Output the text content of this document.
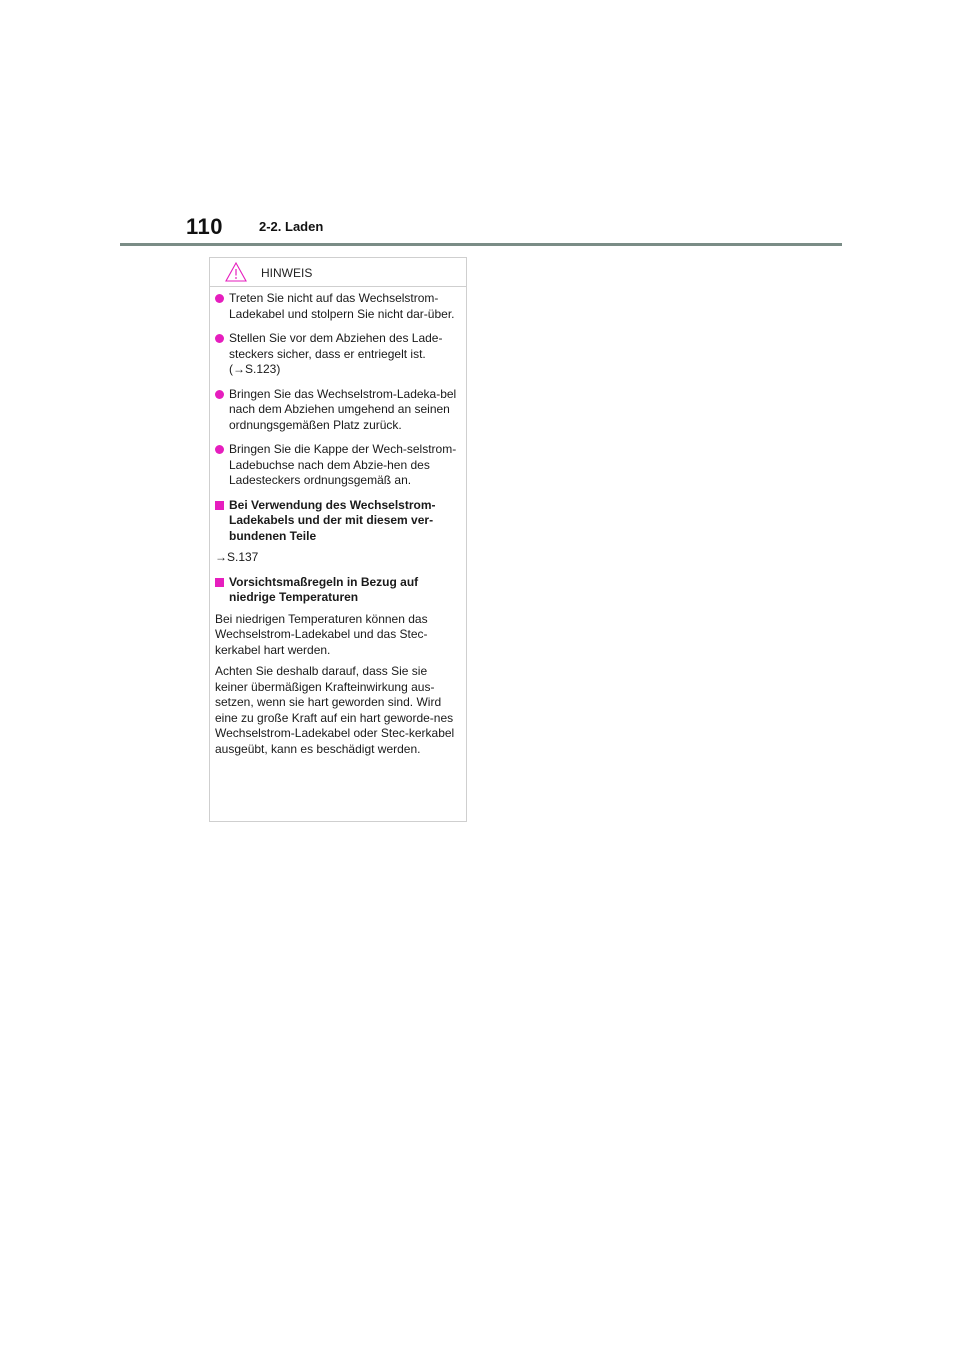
110	2-2. Laden
HINWEIS
Treten Sie nicht auf das Wechselstrom-Ladekabel und stolpern Sie nicht dar-über.
Stellen Sie vor dem Abziehen des Lade-steckers sicher, dass er entriegelt ist. (→S.123)
Bringen Sie das Wechselstrom-Ladeka-bel nach dem Abziehen umgehend an seinen ordnungsgemäßen Platz zurück.
Bringen Sie die Kappe der Wech-selstrom-Ladebuchse nach dem Abzie-hen des Ladesteckers ordnungsgemäß an.
Bei Verwendung des Wechselstrom-Ladekabels und der mit diesem ver-bundenen Teile
→S.137
Vorsichtsmaßregeln in Bezug auf niedrige Temperaturen
Bei niedrigen Temperaturen können das Wechselstrom-Ladekabel und das Stec-kerkabel hart werden.
Achten Sie deshalb darauf, dass Sie sie keiner übermäßigen Krafteinwirkung aus-setzen, wenn sie hart geworden sind. Wird eine zu große Kraft auf ein hart geworde-nes Wechselstrom-Ladekabel oder Stec-kerkabel ausgeübt, kann es beschädigt werden.
